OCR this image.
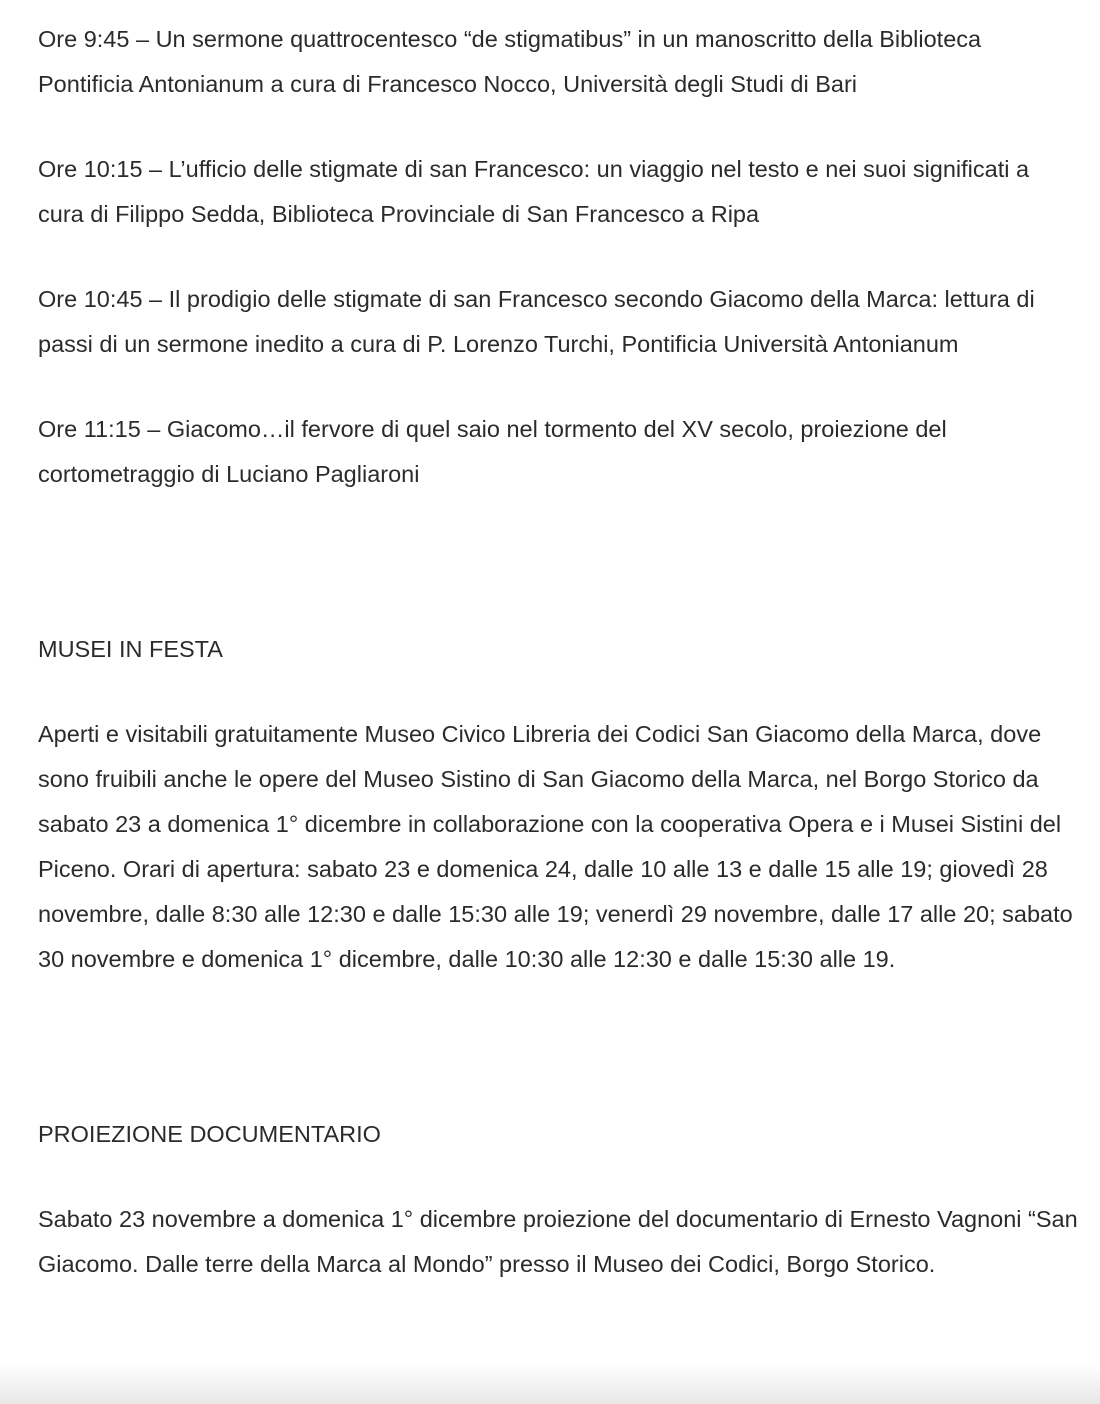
Ore 9:45 – Un sermone quattrocentesco “de stigmatibus” in un manoscritto della Biblioteca Pontificia Antonianum a cura di Francesco Nocco, Università degli Studi di Bari

Ore 10:15 – L’ufficio delle stigmate di san Francesco: un viaggio nel testo e nei suoi significati a cura di Filippo Sedda, Biblioteca Provinciale di San Francesco a Ripa

Ore 10:45 – Il prodigio delle stigmate di san Francesco secondo Giacomo della Marca: lettura di passi di un sermone inedito a cura di P. Lorenzo Turchi, Pontificia Università Antonianum

Ore 11:15 – Giacomo…il fervore di quel saio nel tormento del XV secolo, proiezione del cortometraggio di Luciano Pagliaroni

MUSEI IN FESTA

Aperti e visitabili gratuitamente Museo Civico Libreria dei Codici San Giacomo della Marca, dove sono fruibili anche le opere del Museo Sistino di San Giacomo della Marca, nel Borgo Storico da sabato 23 a domenica 1° dicembre in collaborazione con la cooperativa Opera e i Musei Sistini del Piceno. Orari di apertura: sabato 23 e domenica 24, dalle 10 alle 13 e dalle 15 alle 19; giovedì 28 novembre, dalle 8:30 alle 12:30 e dalle 15:30 alle 19; venerdì 29 novembre, dalle 17 alle 20; sabato 30 novembre e domenica 1° dicembre, dalle 10:30 alle 12:30 e dalle 15:30 alle 19.

PROIEZIONE DOCUMENTARIO

Sabato 23 novembre a domenica 1° dicembre proiezione del documentario di Ernesto Vagnoni “San Giacomo. Dalle terre della Marca al Mondo” presso il Museo dei Codici, Borgo Storico.
